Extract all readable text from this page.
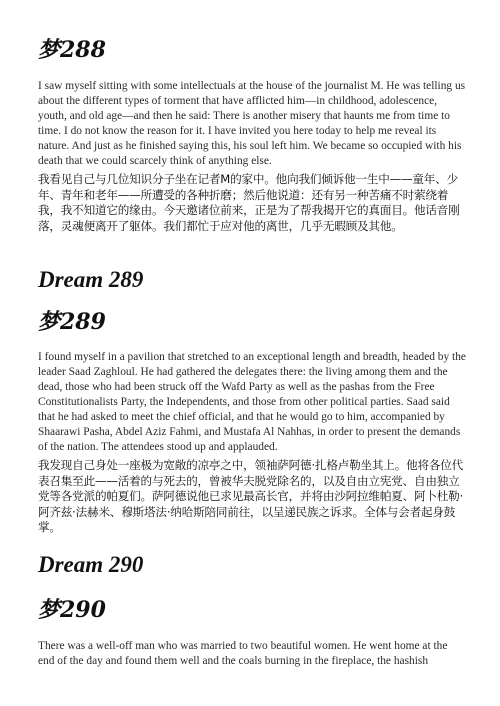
梦288

I saw myself sitting with some intellectuals at the house of the journalist M. He was telling us about the different types of torment that have afflicted him—in childhood, adolescence, youth, and old age—and then he said: There is another misery that haunts me from time to time. I do not know the reason for it. I have invited you here today to help me reveal its nature. And just as he finished saying this, his soul left him. We became so occupied with his death that we could scarcely think of anything else.

我看见自己与几位知识分子坐在记者M的家中。他向我们倾诉他一生中——童年、少年、青年和老年——所遭受的各种折磨；然后他说道：还有另一种苦痛不时萦绕着我，我不知道它的缘由。今天邀诸位前来，正是为了帮我揭开它的真面目。他话音刚落，灵魂便离开了躯体。我们都忙于应对他的离世，几乎无暇顾及其他。

Dream 289
梦289

I found myself in a pavilion that stretched to an exceptional length and breadth, headed by the leader Saad Zaghloul. He had gathered the delegates there: the living among them and the dead, those who had been struck off the Wafd Party as well as the pashas from the Free Constitutionalists Party, the Independents, and those from other political parties. Saad said that he had asked to meet the chief official, and that he would go to him, accompanied by Shaarawi Pasha, Abdel Aziz Fahmi, and Mustafa Al Nahhas, in order to present the demands of the nation. The attendees stood up and applauded.

我发现自己身处一座极为宽敞的凉亭之中，领袖萨阿德·扎格卢勒坐其上。他将各位代表召集至此——活着的与死去的，曾被华夫脱党除名的，以及自由立宪党、自由独立党等各党派的帕夏们。萨阿德说他已求见最高长官，并将由沙阿拉维帕夏、阿卜杜勒·阿齐兹·法赫米、穆斯塔法·纳哈斯陪同前往，以呈递民族之诉求。全体与会者起身鼓掌。

Dream 290
梦290

There was a well-off man who was married to two beautiful women. He went home at the end of the day and found them well and the coals burning in the fireplace, the hashish
